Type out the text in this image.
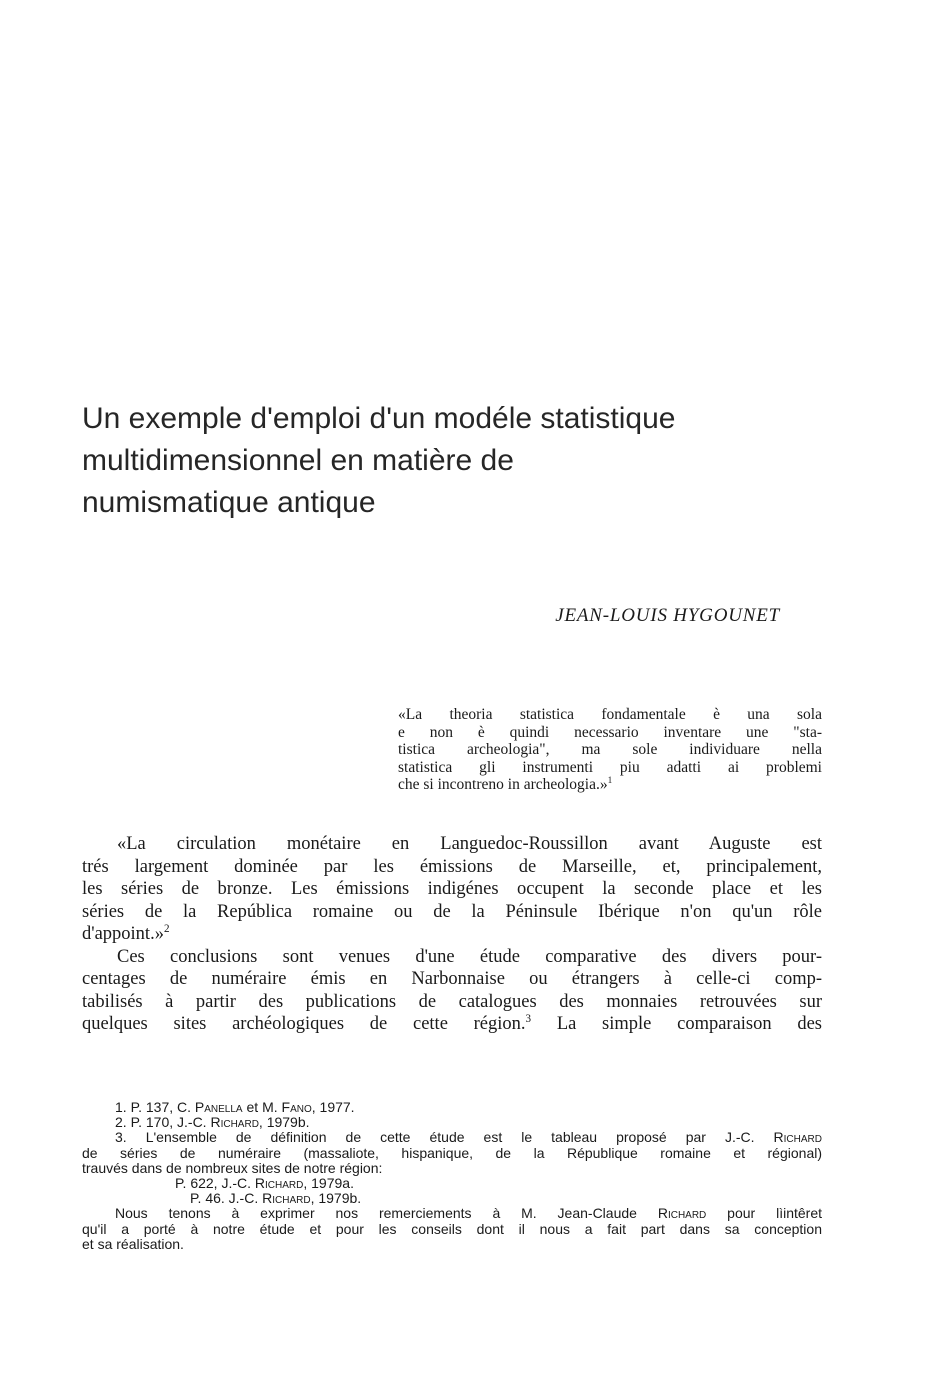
Un exemple d'emploi d'un modéle statistique
multidimensionnel en matière de
numismatique antique

JEAN-LOUIS HYGOUNET

«La theoria statistica fondamentale è una sola
e non è quindi necessario inventare une "sta-
tistica archeologia", ma sole individuare nella
statistica gli instrumenti piu adatti ai problemi
che si incontreno in archeologia.»$^1$
«La circulation monétaire en Languedoc-Roussillon avant Auguste est
trés largement dominée par les émissions de Marseille, et, principalement,
les séries de bronze. Les émissions indigénes occupent la seconde place et les
séries de la República romaine ou de la Péninsule Ibérique n'on qu'un rôle
d'appoint.»$^2$
Ces conclusions sont venues d'une étude comparative des divers pour-
centages de numéraire émis en Narbonnaise ou étrangers à celle-ci comp-
tabilisés à partir des publications de catalogues des monnaies retrouvées sur
quelques sites archéologiques de cette région.$^3$ La simple comparaison des
1. P. 137, C. Panella et M. Fano, 1977.
2. P. 170, J.-C. Richard, 1979b.
3. L'ensemble de définition de cette étude est le tableau proposé par J.-C. Richard
de séries de numéraire (massaliote, hispanique, de la République romaine et régional)
trauvés dans de nombreux sites de notre région:
P. 622, J.-C. Richard, 1979a.
P. 46. J.-C. Richard, 1979b.
Nous tenons à exprimer nos remerciements à M. Jean-Claude Richard pour lìintêret
qu'il a porté à notre étude et pour les conseils dont il nous a fait part dans sa conception
et sa réalisation.
